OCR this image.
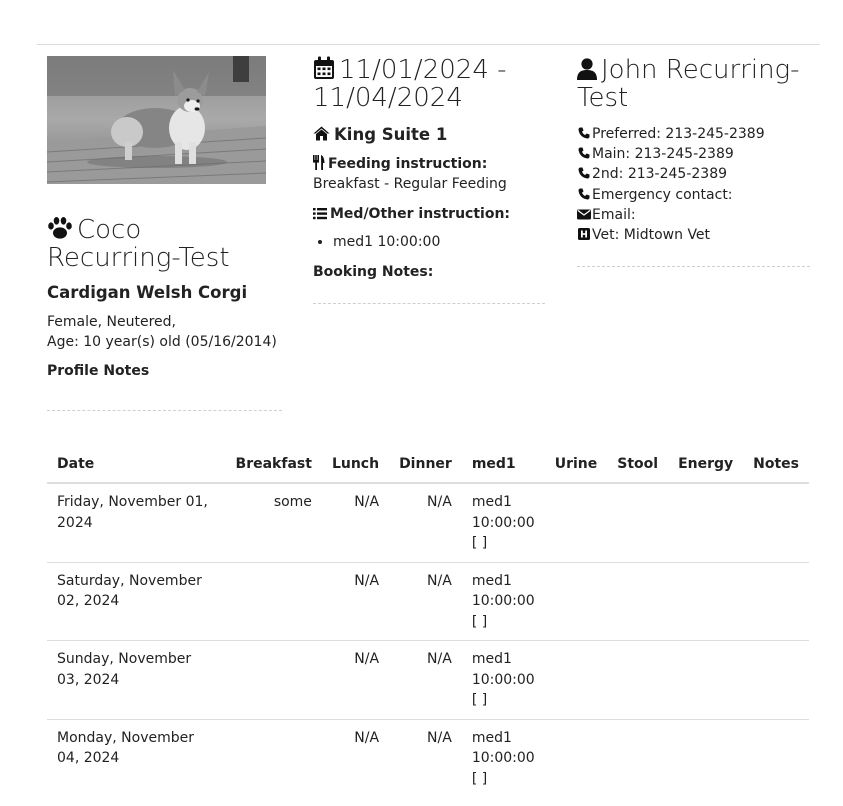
Coco Recurring-Test
Cardigan Welsh Corgi
Female, Neutered,
Age: 10 year(s) old (05/16/2014)
Profile Notes
11/01/2024 - 11/04/2024
King Suite 1
Feeding instruction:
Breakfast - Regular Feeding
Med/Other instruction:
• med1 10:00:00
Booking Notes:
John Recurring-Test
Preferred: 213-245-2389
Main: 213-245-2389
2nd: 213-245-2389
Emergency contact:
Email:
Vet: Midtown Vet
Date	Breakfast	Lunch	Dinner	med1	Urine	Stool	Energy	Notes
Friday, November 01, 2024	some	N/A	N/A	med1 10:00:00 [ ]				
Saturday, November 02, 2024		N/A	N/A	med1 10:00:00 [ ]				
Sunday, November 03, 2024		N/A	N/A	med1 10:00:00 [ ]				
Monday, November 04, 2024		N/A	N/A	med1 10:00:00 [ ]				
